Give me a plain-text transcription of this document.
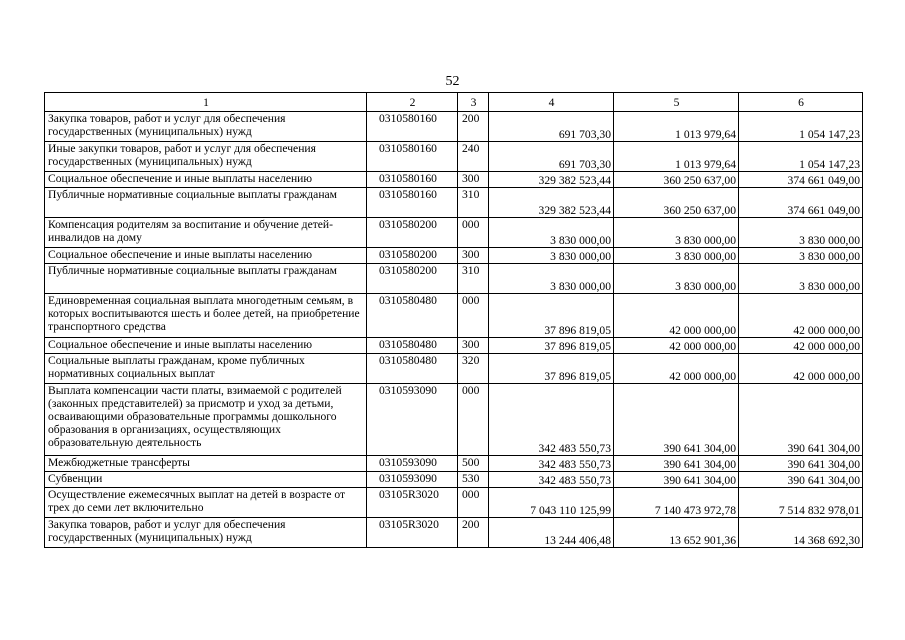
52
1	2	3	4	5	6
Закупка товаров, работ и услуг для обеспечения государственных (муниципальных) нужд	0310580160	200	691 703,30	1 013 979,64	1 054 147,23
Иные закупки товаров, работ и услуг для обеспечения государственных (муниципальных) нужд	0310580160	240	691 703,30	1 013 979,64	1 054 147,23
Социальное обеспечение и иные выплаты населению	0310580160	300	329 382 523,44	360 250 637,00	374 661 049,00
Публичные нормативные социальные выплаты гражданам	0310580160	310	329 382 523,44	360 250 637,00	374 661 049,00
Компенсация родителям за воспитание и обучение детей-инвалидов на дому	0310580200	000	3 830 000,00	3 830 000,00	3 830 000,00
Социальное обеспечение и иные выплаты населению	0310580200	300	3 830 000,00	3 830 000,00	3 830 000,00
Публичные нормативные социальные выплаты гражданам	0310580200	310	3 830 000,00	3 830 000,00	3 830 000,00
Единовременная социальная выплата многодетным семьям, в которых воспитываются шесть и более детей, на приобретение транспортного средства	0310580480	000	37 896 819,05	42 000 000,00	42 000 000,00
Социальное обеспечение и иные выплаты населению	0310580480	300	37 896 819,05	42 000 000,00	42 000 000,00
Социальные выплаты гражданам, кроме публичных нормативных социальных выплат	0310580480	320	37 896 819,05	42 000 000,00	42 000 000,00
Выплата компенсации части платы, взимаемой с родителей (законных представителей) за присмотр и уход за детьми, осваивающими образовательные программы дошкольного образования в организациях, осуществляющих образовательную деятельность	0310593090	000	342 483 550,73	390 641 304,00	390 641 304,00
Межбюджетные трансферты	0310593090	500	342 483 550,73	390 641 304,00	390 641 304,00
Субвенции	0310593090	530	342 483 550,73	390 641 304,00	390 641 304,00
Осуществление ежемесячных выплат на детей в возрасте от трех до семи лет включительно	03105R3020	000	7 043 110 125,99	7 140 473 972,78	7 514 832 978,01
Закупка товаров, работ и услуг для обеспечения государственных (муниципальных) нужд	03105R3020	200	13 244 406,48	13 652 901,36	14 368 692,30
